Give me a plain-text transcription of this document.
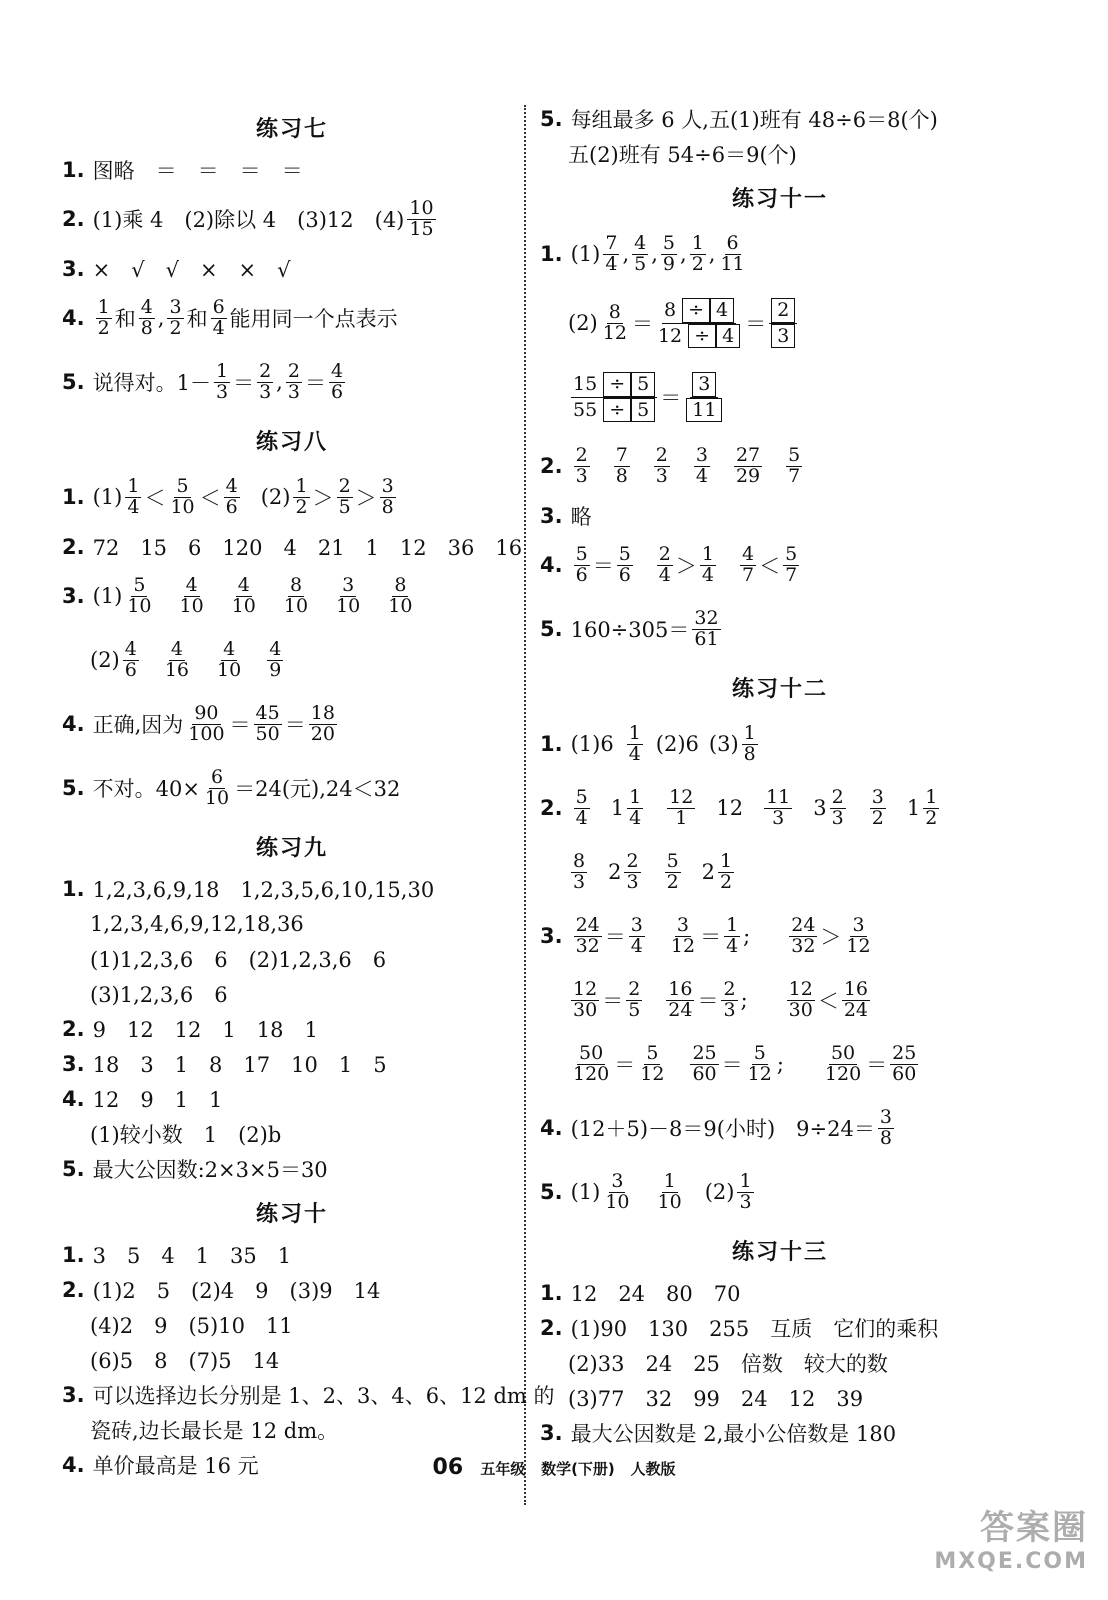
练习七
1. 图略　＝　＝　＝　＝
2. (1)乘 4　(2)除以 4　(3)12　(4)
10
15
3. ×　√　√　×　×　√
4. 1
2 和
4
8 , 3
2 和
6
4 能用同一个点表示
5. 说得对。1－
1
3 ＝
2
3 , 2
3 ＝
4
6
练习八
1. (1) 1
4 ＜
5
10 ＜
4
6 (2) 1
2 ＞
2
5 ＞
3
8
2. 72　15　6　120　4　21　1　12　36　16
3. (1) 5
10
4
10
4
10
8
10
3
10
8
10
(2) 4
6
4
16
4
10
4
9
4. 正确,因为
90
100 ＝
45
50 ＝
18
20
5. 不对。$40\times \frac{6}{10} =24$(元),24＜32
练习九
1. 1,2,3,6,9,18　1,2,3,5,6,10,15,30
1,2,3,4,6,9,12,18,36
(1)1,2,3,6　6　(2)1,2,3,6　6
(3)1,2,3,6　6
2. 9　12　12　1　18　1
3. 18　3　1　8　17　10　1　5
4. 12　9　1　1
(1)较小数　1　(2)b
5. 最大公因数:2×3×5＝30
练习十
1. 3　5　4　1　35　1
2. (1)2　5　(2)4　9　(3)9　14
(4)2　9　(5)10　11
(6)5　8　(7)5　14
3. 可以选择边长分别是 1、2、3、4、6、12 dm 的
瓷砖,边长最长是 12 dm。
4. 单价最高是 16 元
5. 每组最多 6 人,五(1)班有 48÷6＝8(个)
五(2)班有 54÷6＝9(个)
练习十一
1. (1) 7
4 , 4
5 , 5
9 , 1
2 , 6
11
(2) 8
12 ＝
8 ÷ 4
12 ÷ 4 ＝
2
3
15 ÷ 5
55 ÷ 5 ＝
3
11
2. 2
3
7
8
2
3
3
4
27
29
5
7
3. 略
4. 5
6 ＝
5
6
2
4 ＞
1
4
4
7 ＜
5
7
5. 160÷305＝
32
61
练习十二
1. (1)6 1
4 (2)6 (3) 1
8
2. 5
4 1 1
4
12
1 12 11
3 3 2
3
3
2 1 1
2
8
3 2 2
3
5
2 2 1
2
3. 24
32 ＝
3
4
3
12 ＝
1
4 ; 24
32 ＞
3
12
12
30 ＝
2
5
16
24 ＝
2
3 ; 12
30 ＜
16
24
50
120 ＝
5
12
25
60 ＝
5
12 ; 50
120 ＝
25
60
4. (12＋5)－8＝9(小时)　9÷24＝
3
8
5. (1) 3
10
1
10 (2) 1
3
练习十三
1. 12　24　80　70
2. (1)90　130　255　互质　它们的乘积
(2)33　24　25　倍数　较大的数
(3)77　32　99　24　12　39
3. 最大公因数是 2,最小公倍数是 180
06 五年级 数学(下册) 人教版
答案圈
MXQE.COM
